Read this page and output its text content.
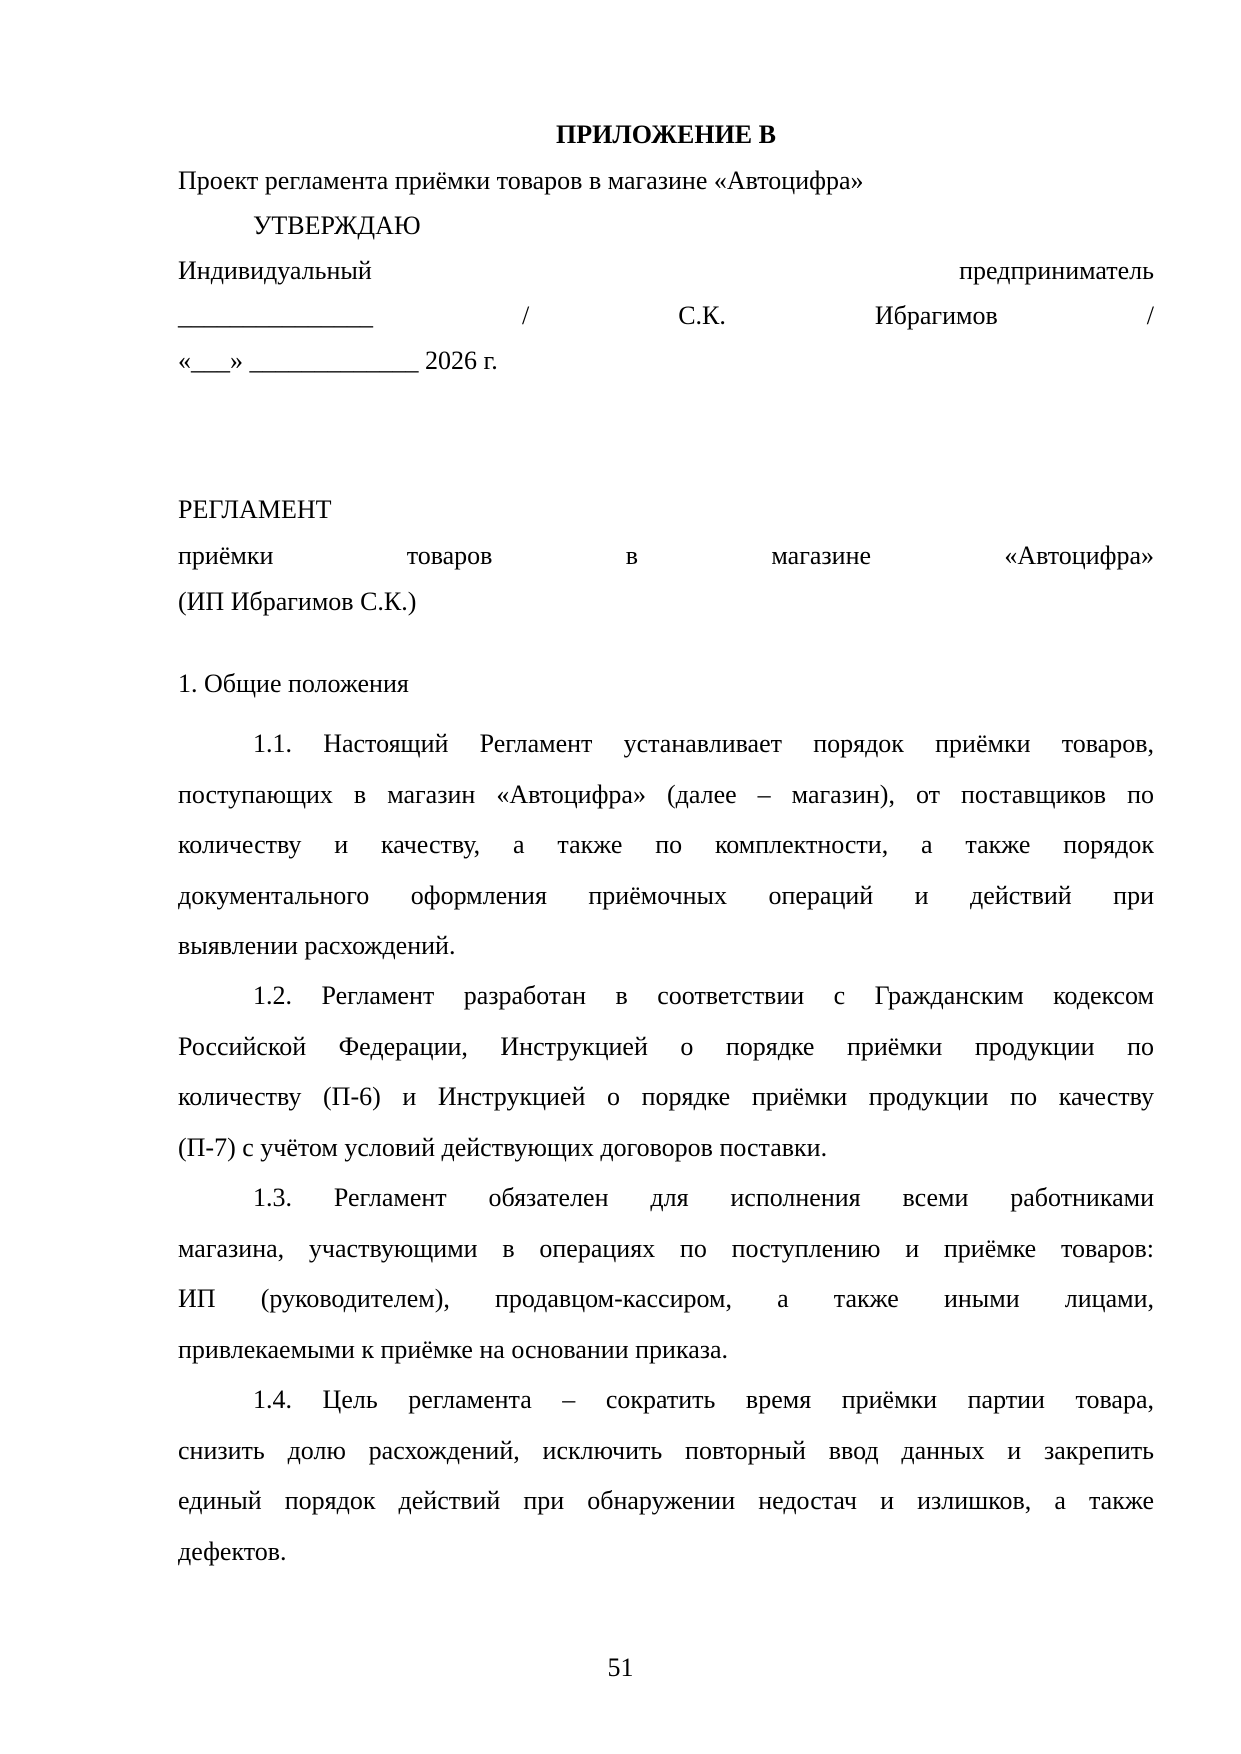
ПРИЛОЖЕНИЕ В
Проект регламента приёмки товаров в магазине «Автоцифра»
УТВЕРЖДАЮ
Индивидуальный	предприниматель
_______________	/	С.К.	Ибрагимов	/
«___» _____________ 2026 г.
РЕГЛАМЕНТ
приёмки	товаров	в	магазине	«Автоцифра»
(ИП Ибрагимов С.К.)
1. Общие положения
1.1. Настоящий Регламент устанавливает порядок приёмки товаров,
поступающих в магазин «Автоцифра» (далее – магазин), от поставщиков по
количеству и качеству, а также по комплектности, а также порядок
документального оформления приёмочных операций и действий при
выявлении расхождений.
1.2. Регламент разработан в соответствии с Гражданским кодексом
Российской Федерации, Инструкцией о порядке приёмки продукции по
количеству (П-6) и Инструкцией о порядке приёмки продукции по качеству
(П-7) с учётом условий действующих договоров поставки.
1.3. Регламент обязателен для исполнения всеми работниками
магазина, участвующими в операциях по поступлению и приёмке товаров:
ИП (руководителем), продавцом-кассиром, а также иными лицами,
привлекаемыми к приёмке на основании приказа.
1.4. Цель регламента – сократить время приёмки партии товара,
снизить долю расхождений, исключить повторный ввод данных и закрепить
единый порядок действий при обнаружении недостач и излишков, а также
дефектов.
51
